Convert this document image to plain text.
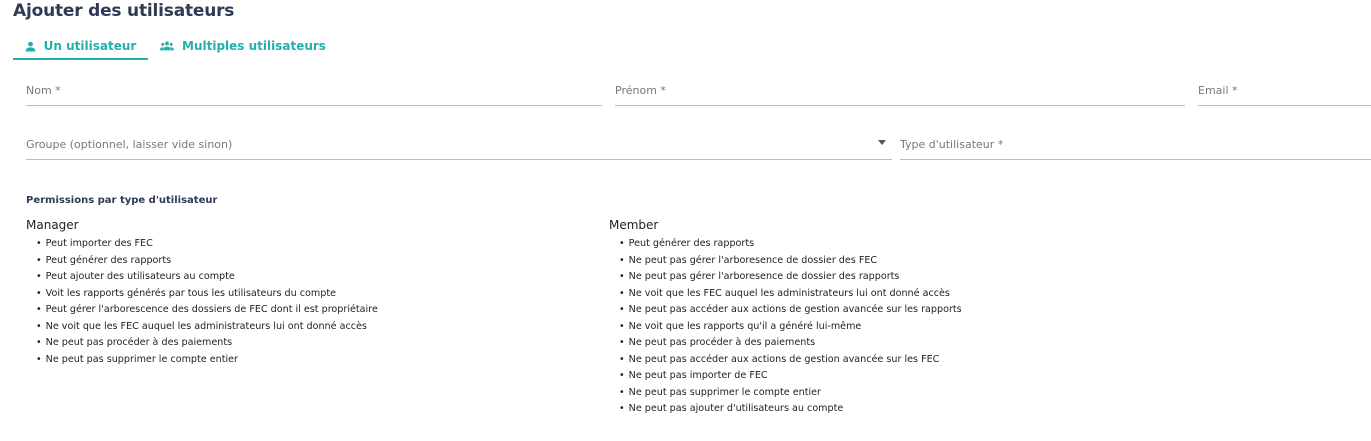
Ajouter des utilisateurs
Un utilisateur	Multiples utilisateurs
Nom *
Prénom *
Email *
Groupe (optionnel, laisser vide sinon)
Type d'utilisateur *
Permissions par type d'utilisateur
Manager
• Peut importer des FEC
• Peut générer des rapports
• Peut ajouter des utilisateurs au compte
• Voit les rapports générés par tous les utilisateurs du compte
• Peut gérer l'arborescence des dossiers de FEC dont il est propriétaire
• Ne voit que les FEC auquel les administrateurs lui ont donné accès
• Ne peut pas procéder à des paiements
• Ne peut pas supprimer le compte entier
Member
• Peut générer des rapports
• Ne peut pas gérer l'arboresence de dossier des FEC
• Ne peut pas gérer l'arboresence de dossier des rapports
• Ne voit que les FEC auquel les administrateurs lui ont donné accès
• Ne peut pas accéder aux actions de gestion avancée sur les rapports
• Ne voit que les rapports qu'il a généré lui-même
• Ne peut pas procéder à des paiements
• Ne peut pas accéder aux actions de gestion avancée sur les FEC
• Ne peut pas importer de FEC
• Ne peut pas supprimer le compte entier
• Ne peut pas ajouter d'utilisateurs au compte
